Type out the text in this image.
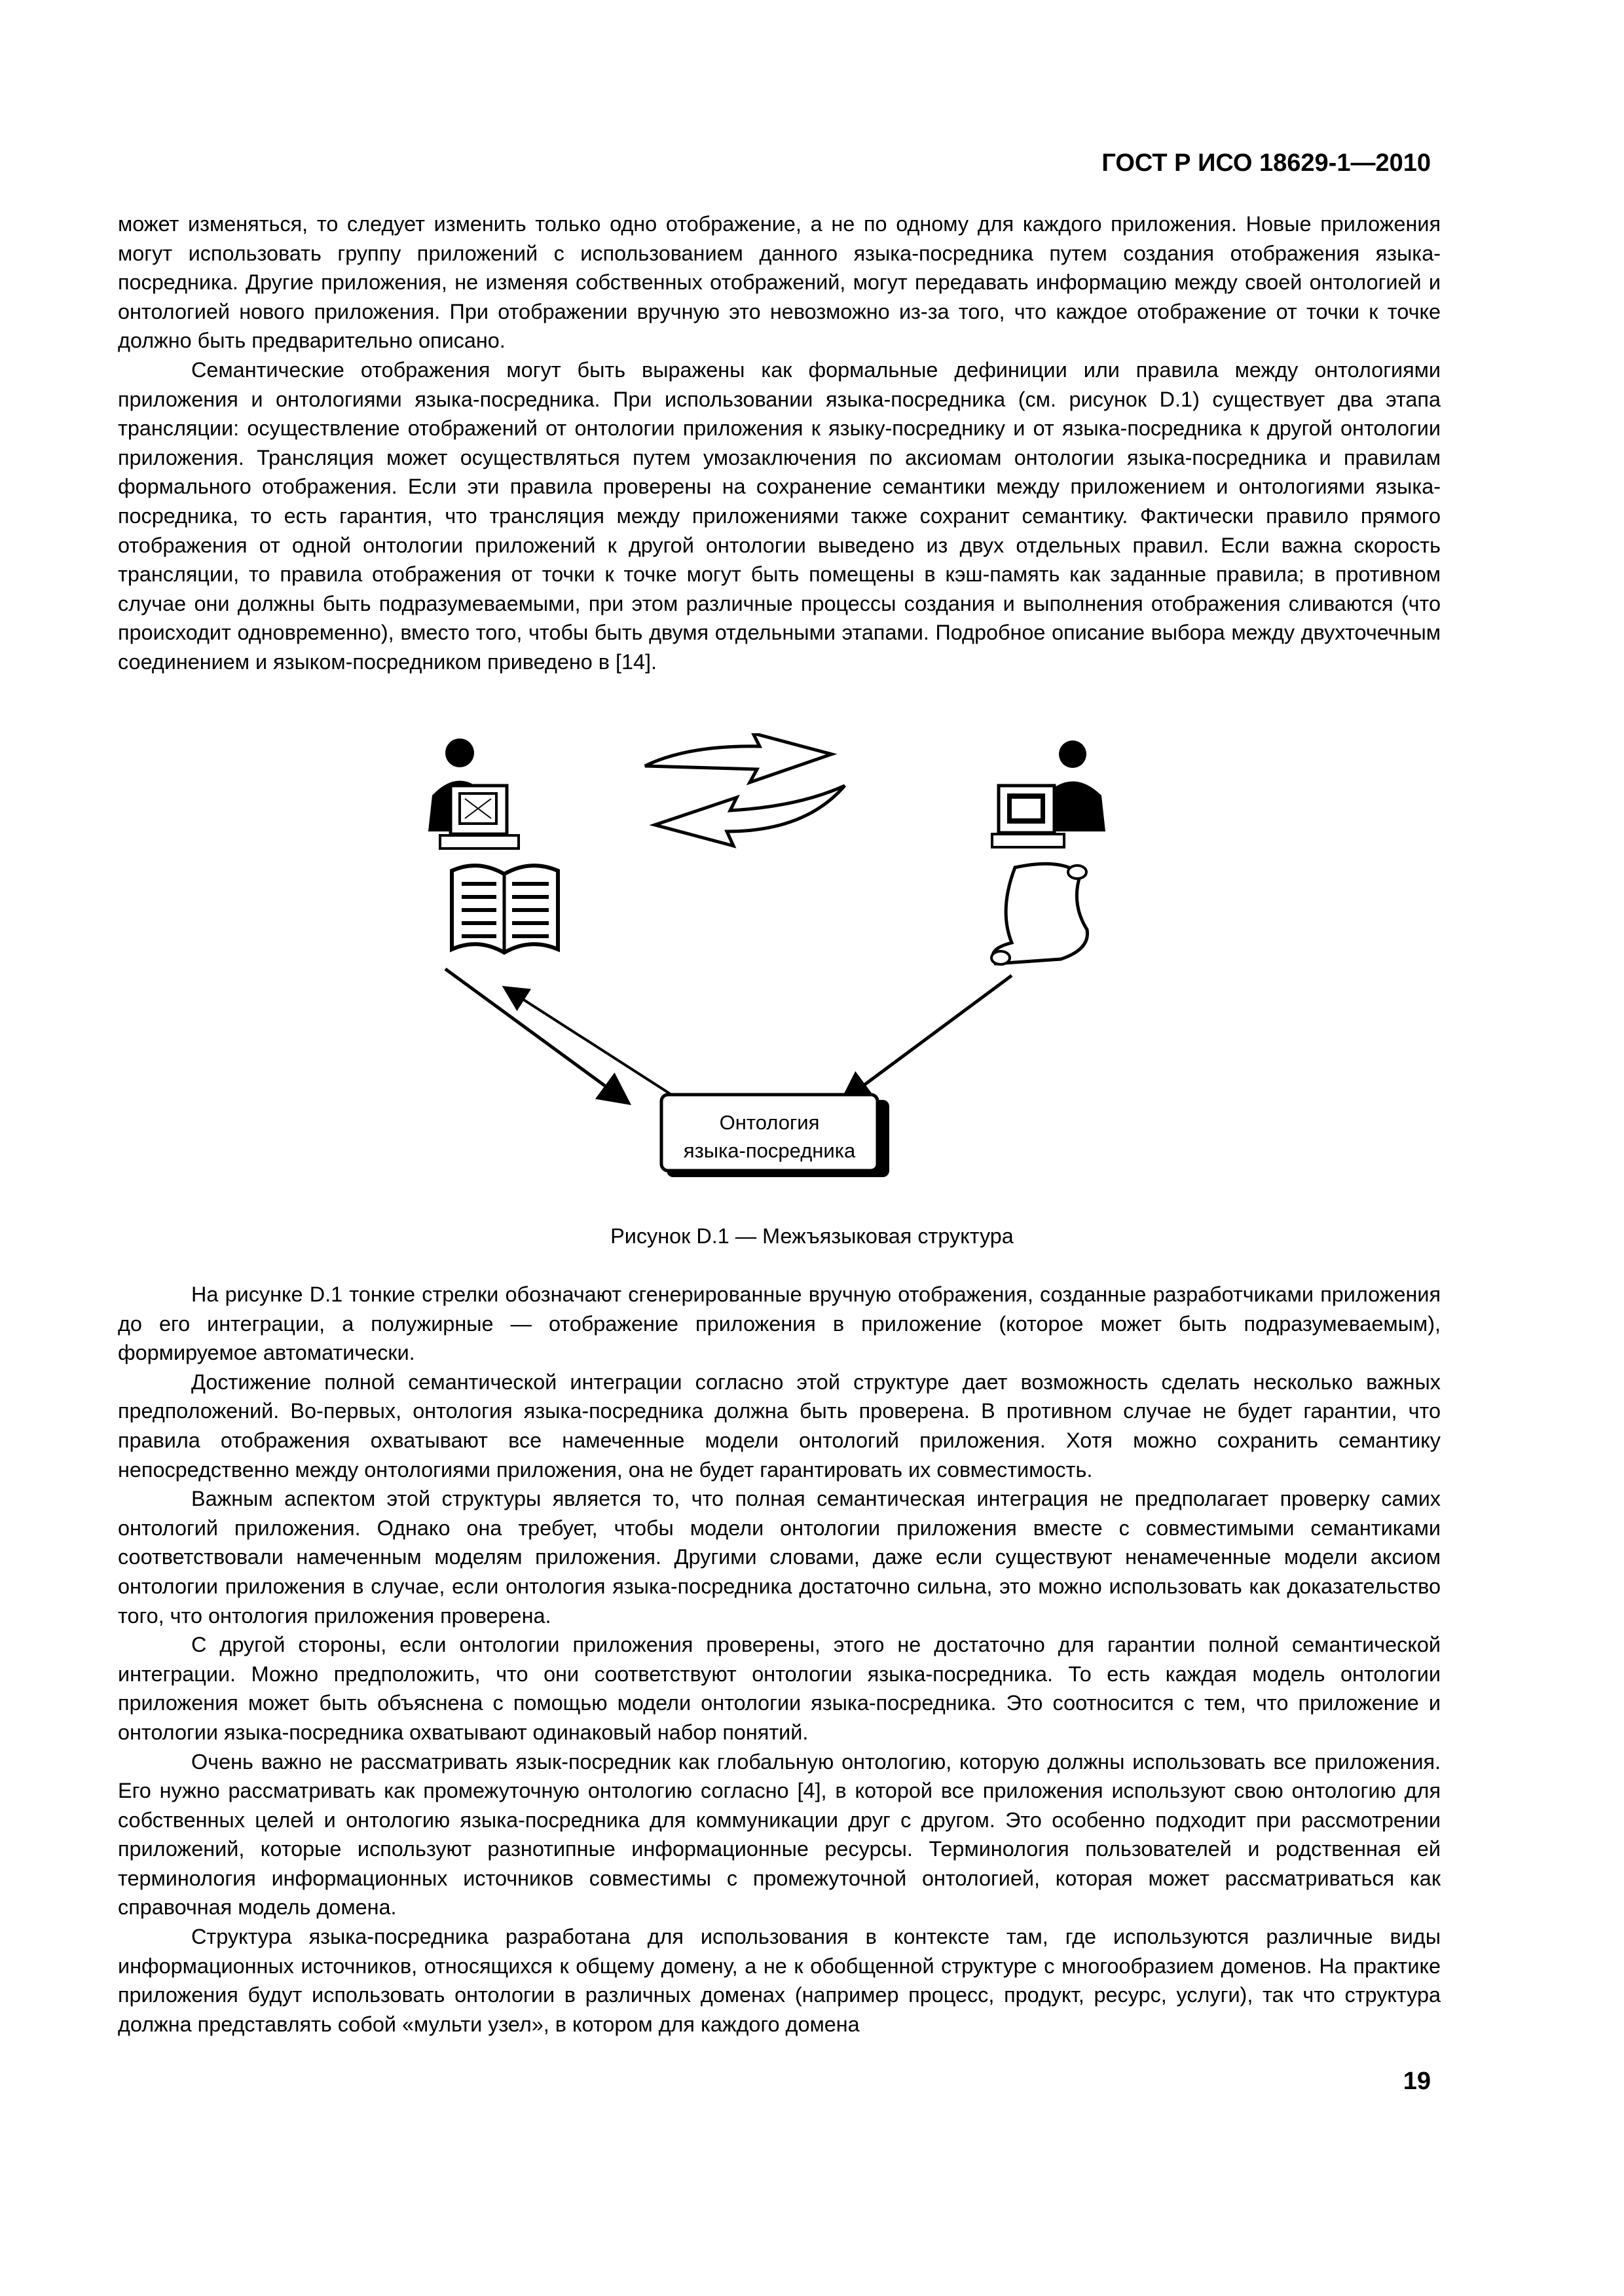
ГОСТ Р ИСО 18629-1—2010

может изменяться, то следует изменить только одно отображение, а не по одному для каждого приложения. Новые приложения могут использовать группу приложений с использованием данного языка-посредника путем создания отображения языка-посредника. Другие приложения, не изменяя собственных отображений, могут передавать информацию между своей онтологией и онтологией нового приложения. При отображении вручную это невозможно из-за того, что каждое отображение от точки к точке должно быть предварительно описано.

Семантические отображения могут быть выражены как формальные дефиниции или правила между онтологиями приложения и онтологиями языка-посредника. При использовании языка-посредника (см. рисунок D.1) существует два этапа трансляции: осуществление отображений от онтологии приложения к языку-посреднику и от языка-посредника к другой онтологии приложения. Трансляция может осуществляться путем умозаключения по аксиомам онтологии языка-посредника и правилам формального отображения. Если эти правила проверены на сохранение семантики между приложением и онтологиями языка-посредника, то есть гарантия, что трансляция между приложениями также сохранит семантику. Фактически правило прямого отображения от одной онтологии приложений к другой онтологии выведено из двух отдельных правил. Если важна скорость трансляции, то правила отображения от точки к точке могут быть помещены в кэш-память как заданные правила; в противном случае они должны быть подразумеваемыми, при этом различные процессы создания и выполнения отображения сливаются (что происходит одновременно), вместо того, чтобы быть двумя отдельными этапами. Подробное описание выбора между двухточечным соединением и языком-посредником приведено в [14].

Онтология
языка-посредника
Рисунок D.1 — Межъязыковая структура

На рисунке D.1 тонкие стрелки обозначают сгенерированные вручную отображения, созданные разработчиками приложения до его интеграции, а полужирные — отображение приложения в приложение (которое может быть подразумеваемым), формируемое автоматически.

Достижение полной семантической интеграции согласно этой структуре дает возможность сделать несколько важных предположений. Во-первых, онтология языка-посредника должна быть проверена. В противном случае не будет гарантии, что правила отображения охватывают все намеченные модели онтологий приложения. Хотя можно сохранить семантику непосредственно между онтологиями приложения, она не будет гарантировать их совместимость.

Важным аспектом этой структуры является то, что полная семантическая интеграция не предполагает проверку самих онтологий приложения. Однако она требует, чтобы модели онтологии приложения вместе с совместимыми семантиками соответствовали намеченным моделям приложения. Другими словами, даже если существуют ненамеченные модели аксиом онтологии приложения в случае, если онтология языка-посредника достаточно сильна, это можно использовать как доказательство того, что онтология приложения проверена.

С другой стороны, если онтологии приложения проверены, этого не достаточно для гарантии полной семантической интеграции. Можно предположить, что они соответствуют онтологии языка-посредника. То есть каждая модель онтологии приложения может быть объяснена с помощью модели онтологии языка-посредника. Это соотносится с тем, что приложение и онтологии языка-посредника охватывают одинаковый набор понятий.

Очень важно не рассматривать язык-посредник как глобальную онтологию, которую должны использовать все приложения. Его нужно рассматривать как промежуточную онтологию согласно [4], в которой все приложения используют свою онтологию для собственных целей и онтологию языка-посредника для коммуникации друг с другом. Это особенно подходит при рассмотрении приложений, которые используют разнотипные информационные ресурсы. Терминология пользователей и родственная ей терминология информационных источников совместимы с промежуточной онтологией, которая может рассматриваться как справочная модель домена.

Структура языка-посредника разработана для использования в контексте там, где используются различные виды информационных источников, относящихся к общему домену, а не к обобщенной структуре с многообразием доменов. На практике приложения будут использовать онтологии в различных доменах (например процесс, продукт, ресурс, услуги), так что структура должна представлять собой «мульти узел», в котором для каждого домена

19
